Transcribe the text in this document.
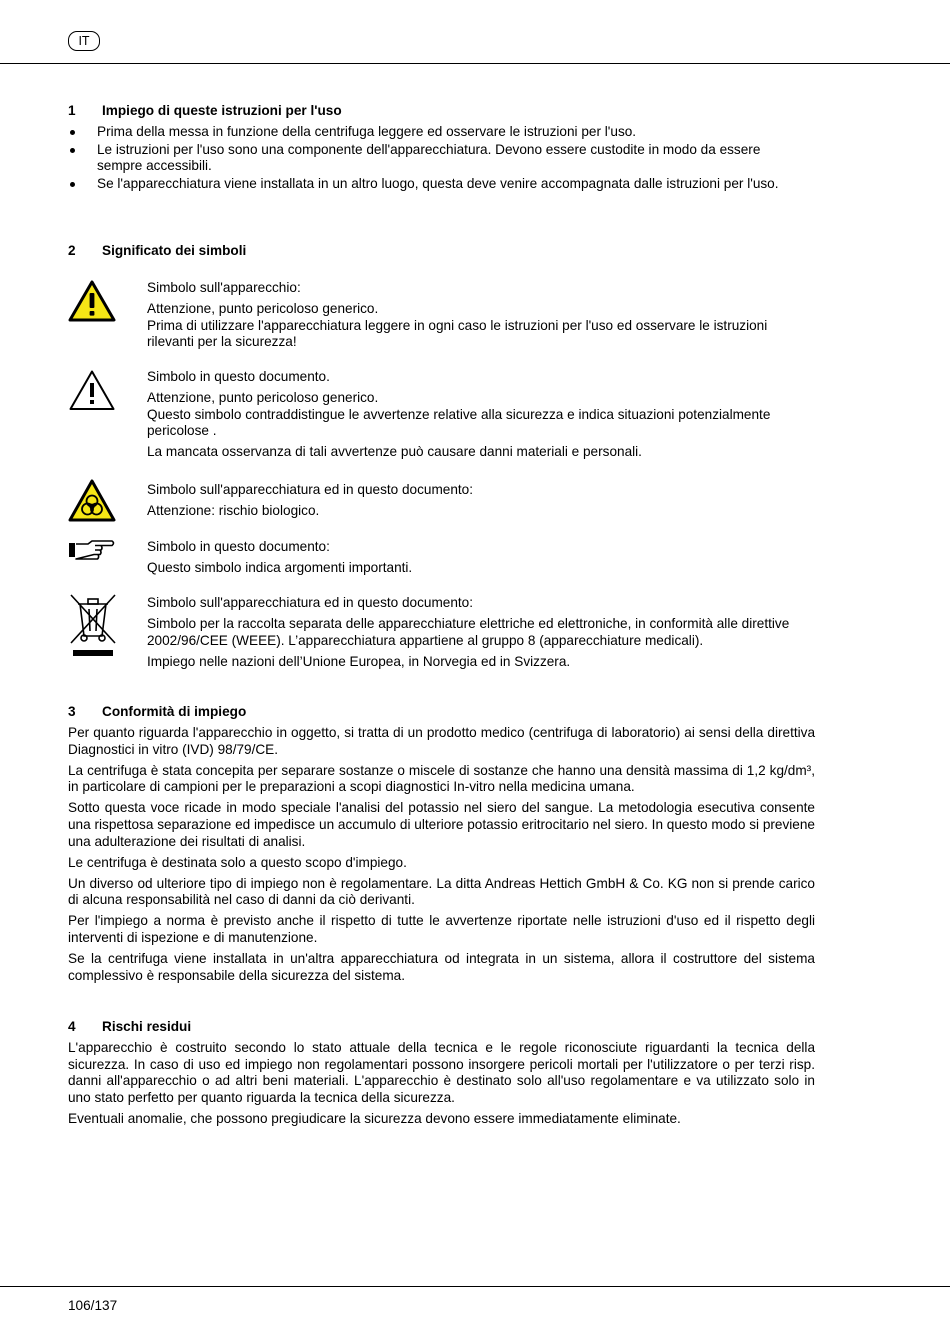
IT
1 Impiego di queste istruzioni per l'uso
Prima della messa in funzione della centrifuga leggere ed osservare le istruzioni per l'uso.
Le istruzioni per l'uso sono una componente dell'apparecchiatura. Devono essere custodite in modo da essere sempre accessibili.
Se l'apparecchiatura viene installata in un altro luogo, questa deve venire accompagnata dalle istruzioni per l'uso.
2 Significato dei simboli

Simbolo sull'apparecchio:

Attenzione, punto pericoloso generico.
Prima di utilizzare l'apparecchiatura leggere in ogni caso le istruzioni per l'uso ed osservare le istruzioni rilevanti per la sicurezza!

Simbolo in questo documento.

Attenzione, punto pericoloso generico.
Questo simbolo contraddistingue le avvertenze relative alla sicurezza e indica situazioni potenzialmente pericolose .

La mancata osservanza di tali avvertenze può causare danni materiali e personali.

Simbolo sull'apparecchiatura ed in questo documento:

Attenzione: rischio biologico.

Simbolo in questo documento:

Questo simbolo indica argomenti importanti.

Simbolo sull'apparecchiatura ed in questo documento:

Simbolo per la raccolta separata delle apparecchiature elettriche ed elettroniche, in conformità alle direttive 2002/96/CEE (WEEE). L’apparecchiatura appartiene al gruppo 8 (apparecchiature medicali).

Impiego nelle nazioni dell’Unione Europea, in Norvegia ed in Svizzera.

3 Conformità di impiego

Per quanto riguarda l'apparecchio in oggetto, si tratta di un prodotto medico (centrifuga di laboratorio) ai sensi della direttiva Diagnostici in vitro (IVD) 98/79/CE.

La centrifuga è stata concepita per separare sostanze o miscele di sostanze che hanno una densità massima di 1,2 kg/dm³, in particolare di campioni per le preparazioni a scopi diagnostici In-vitro nella medicina umana.

Sotto questa voce ricade in modo speciale l'analisi del potassio nel siero del sangue. La metodologia esecutiva consente una rispettosa separazione ed impedisce un accumulo di ulteriore potassio eritrocitario nel siero. In questo modo si previene una adulterazione dei risultati di analisi.

Le centrifuga è destinata solo a questo scopo d'impiego.

Un diverso od ulteriore tipo di impiego non è regolamentare. La ditta Andreas Hettich GmbH & Co. KG non si prende carico di alcuna responsabilità nel caso di danni da ciò derivanti.

Per l'impiego a norma è previsto anche il rispetto di tutte le avvertenze riportate nelle istruzioni d'uso ed il rispetto degli interventi di ispezione e di manutenzione.

Se la centrifuga viene installata in un'altra apparecchiatura od integrata in un sistema, allora il costruttore del sistema complessivo è responsabile della sicurezza del sistema.

4 Rischi residui

L'apparecchio è costruito secondo lo stato attuale della tecnica e le regole riconosciute riguardanti la tecnica della sicurezza. In caso di uso ed impiego non regolamentari possono insorgere pericoli mortali per l'utilizzatore o per terzi risp. danni all'apparecchio o ad altri beni materiali. L'apparecchio è destinato solo all'uso regolamentare e va utilizzato solo in uno stato perfetto per quanto riguarda la tecnica della sicurezza.

Eventuali anomalie, che possono pregiudicare la sicurezza devono essere immediatamente eliminate.

106/137
